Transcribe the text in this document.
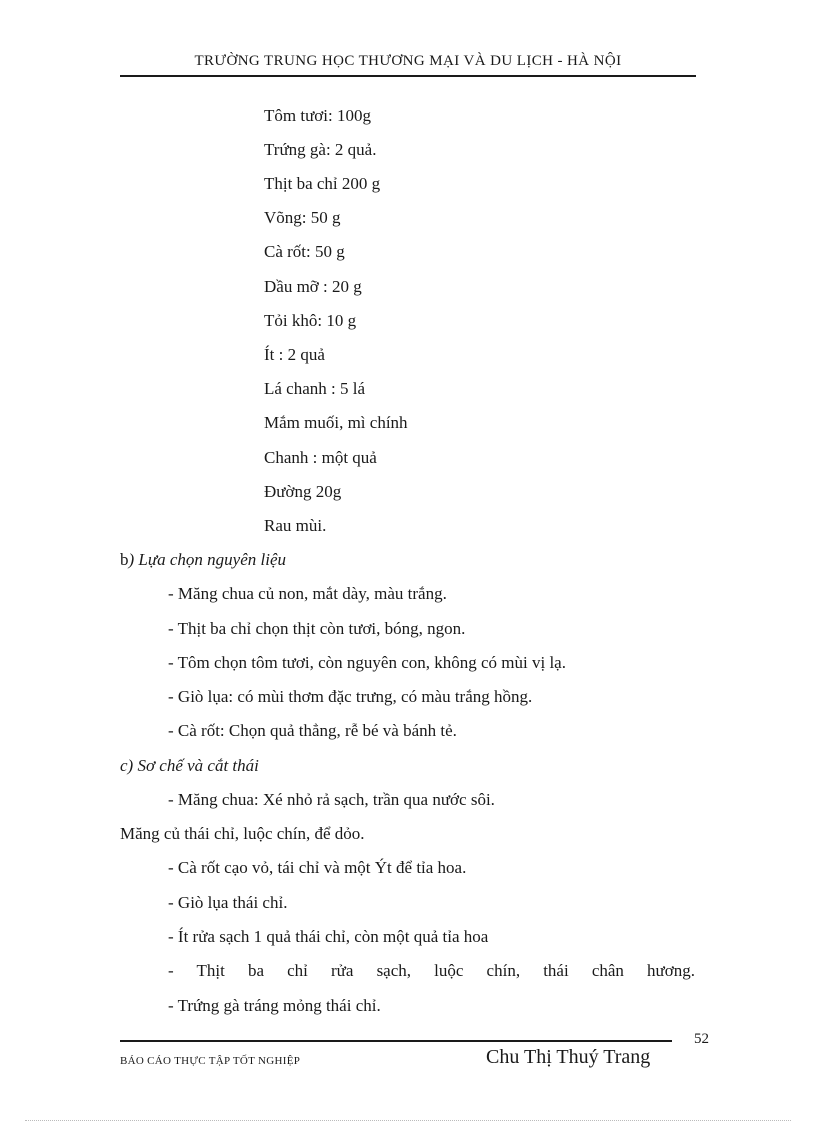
TRƯỜNG TRUNG HỌC THƯƠNG MẠI VÀ DU LỊCH - HÀ NỘI
Tôm tươi: 100g
Trứng gà: 2 quả.
Thịt ba chỉ 200 g
Võng: 50 g
Cà rốt: 50 g
Dầu mỡ : 20 g
Tỏi khô: 10 g
Ít : 2 quả
Lá chanh : 5 lá
Mắm muối, mì chính
Chanh : một quả
Đường 20g
Rau mùi.
b) Lựa chọn nguyên liệu
- Măng chua củ non, mắt dày, màu trắng.
- Thịt ba chỉ chọn thịt còn tươi, bóng, ngon.
- Tôm chọn tôm tươi, còn nguyên con, không có mùi vị lạ.
- Giò lụa: có mùi thơm đặc trưng, có màu trắng hồng.
- Cà rốt: Chọn quả thẳng, rễ bé và bánh tẻ.
c) Sơ chế và cắt thái
- Măng chua: Xé nhỏ rả sạch, trần qua nước sôi.
Măng củ thái chỉ, luộc chín, để dỏo.
- Cà rốt cạo vỏ, tái chỉ và một Ýt để tỉa hoa.
- Giò lụa thái chỉ.
- Ít rửa sạch 1 quả thái chỉ, còn một quả tỉa hoa
- Thịt ba chỉ rửa sạch, luộc chín, thái chân hương.
- Trứng gà tráng mỏng thái chỉ.
52
BÁO CÁO THỰC TẬP TỐT NGHIỆP	Chu Thị Thuý Trang
